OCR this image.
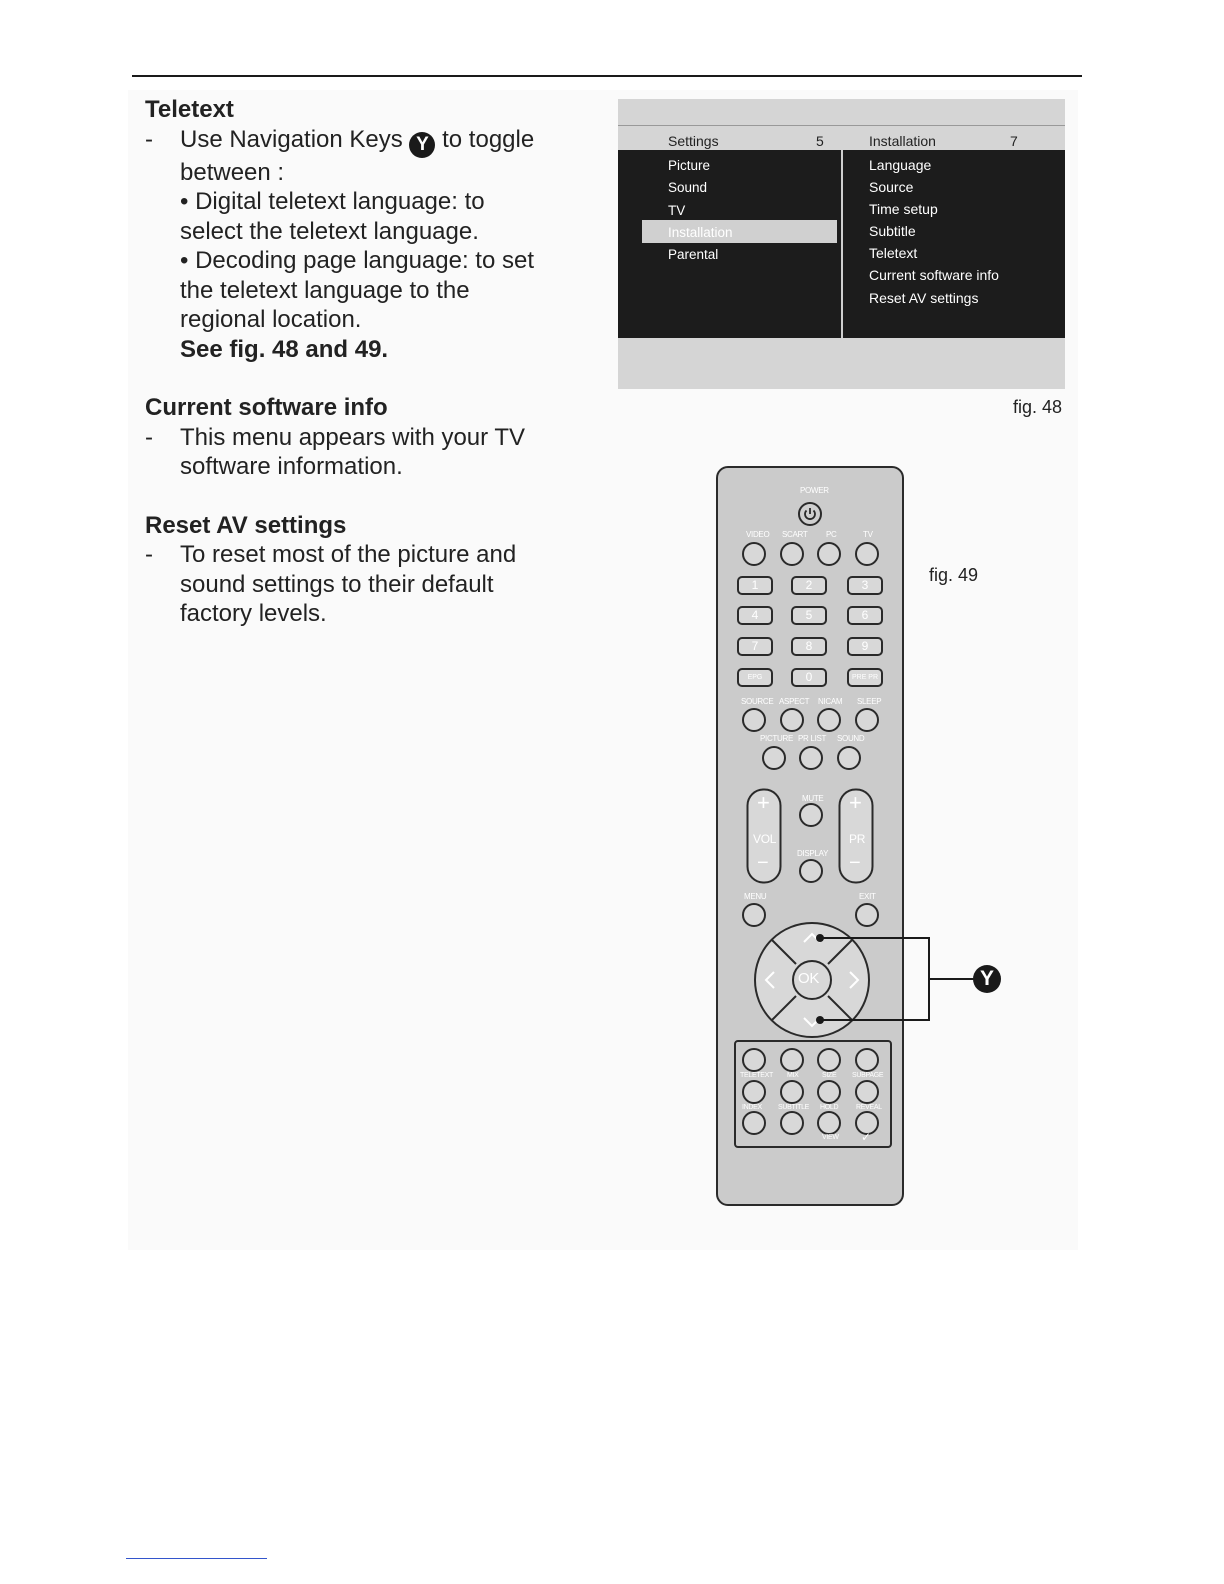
Teletext

- Use Navigation Keys Y to toggle

between :

• Digital teletext language: to

select the teletext language.

• Decoding page language: to set

the teletext language to the

regional location.

See fig. 48 and 49.

Current software info

- This menu appears with your TV

software information.

Reset AV settings

- To reset most of the picture and

sound settings to their default

factory levels.

Settings	5	Installation	7
Picture
Sound
TV
Installation
Parental
Language
Source
Time setup
Subtitle
Teletext
Current software info
Reset AV settings
fig. 48
fig. 49
POWER
VIDEO SCART PC	TV
1	2	3
4	5	6
7	8	9
EPG	0	PRE PR
SOURCE ASPECT NICAM SLEEP
PICTURE PR LIST SOUND
+
VOL
−
+
PR
−
MUTE
DISPLAY
MENU	EXIT
OK
TELETEXT MIX	SIZE SUBPAGE
INDEX SUBTITLE HOLD	REVEAL
VIEW ✓
Y
